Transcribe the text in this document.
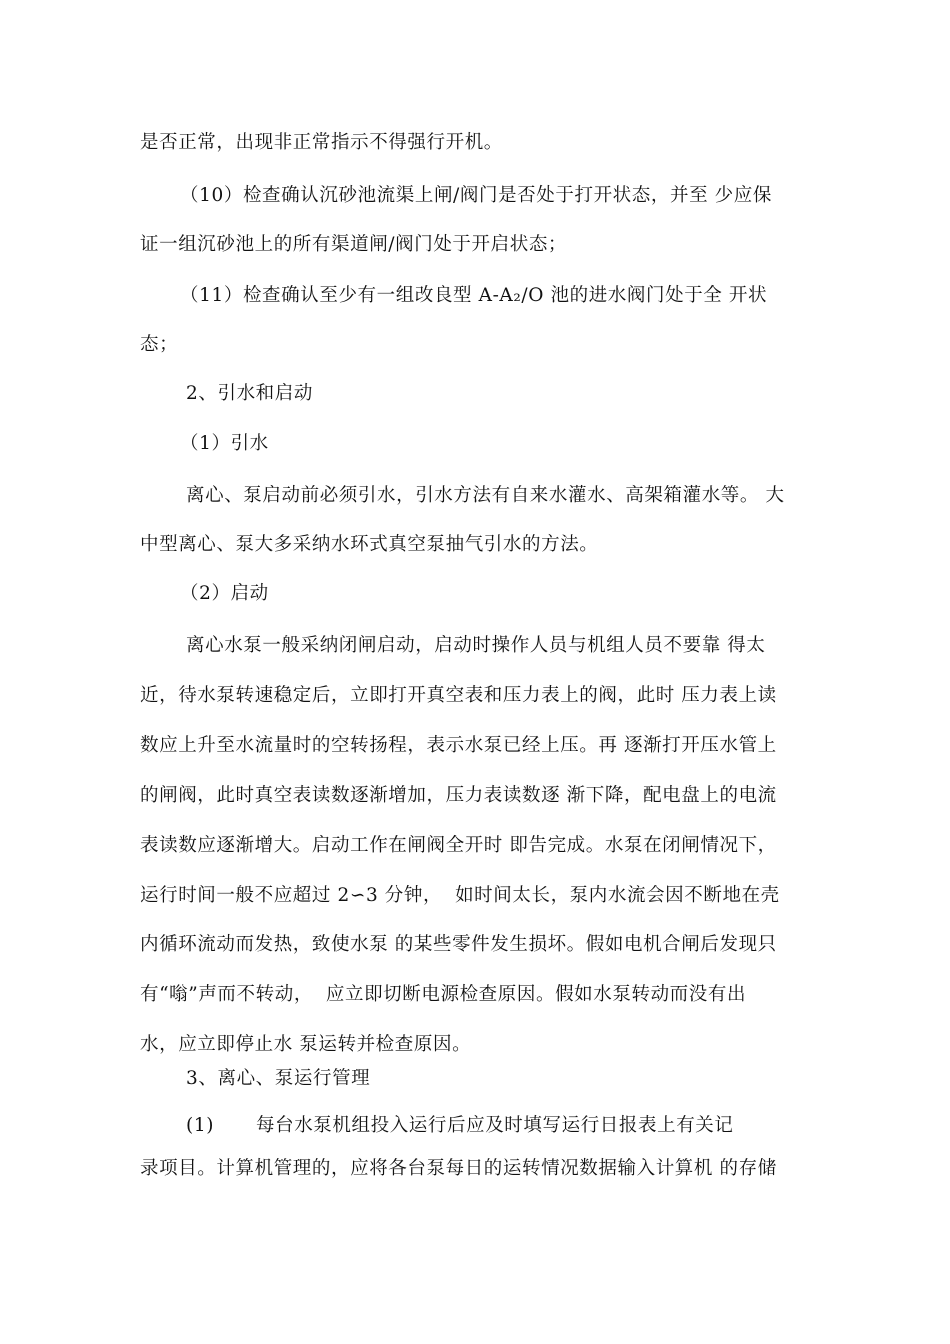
是否正常，出现非正常指示不得强行开机。
（10）检查确认沉砂池流渠上闸/阀门是否处于打开状态，并至 少应保
证一组沉砂池上的所有渠道闸/阀门处于开启状态；
（11）检查确认至少有一组改良型 A-A₂/O 池的进水阀门处于全 开状
态；
2、引水和启动
（1）引水
离心、泵启动前必须引水，引水方法有自来水灌水、高架箱灌水等。 大
中型离心、泵大多采纳水环式真空泵抽气引水的方法。
（2）启动
离心水泵一般采纳闭闸启动，启动时操作人员与机组人员不要靠 得太
近，待水泵转速稳定后，立即打开真空表和压力表上的阀，此时 压力表上读
数应上升至水流量时的空转扬程，表示水泵已经上压。再 逐渐打开压水管上
的闸阀，此时真空表读数逐渐增加，压力表读数逐 渐下降，配电盘上的电流
表读数应逐渐增大。启动工作在闸阀全开时 即告完成。水泵在闭闸情况下，
运行时间一般不应超过 2∽3 分钟，  如时间太长，泵内水流会因不断地在壳
内循环流动而发热，致使水泵 的某些零件发生损坏。假如电机合闸后发现只
有“嗡”声而不转动，  应立即切断电源检查原因。假如水泵转动而没有出
水，应立即停止水 泵运转并检查原因。
3、离心、泵运行管理
(1)	每台水泵机组投入运行后应及时填写运行日报表上有关记
录项目。计算机管理的，应将各台泵每日的运转情况数据输入计算机 的存储
